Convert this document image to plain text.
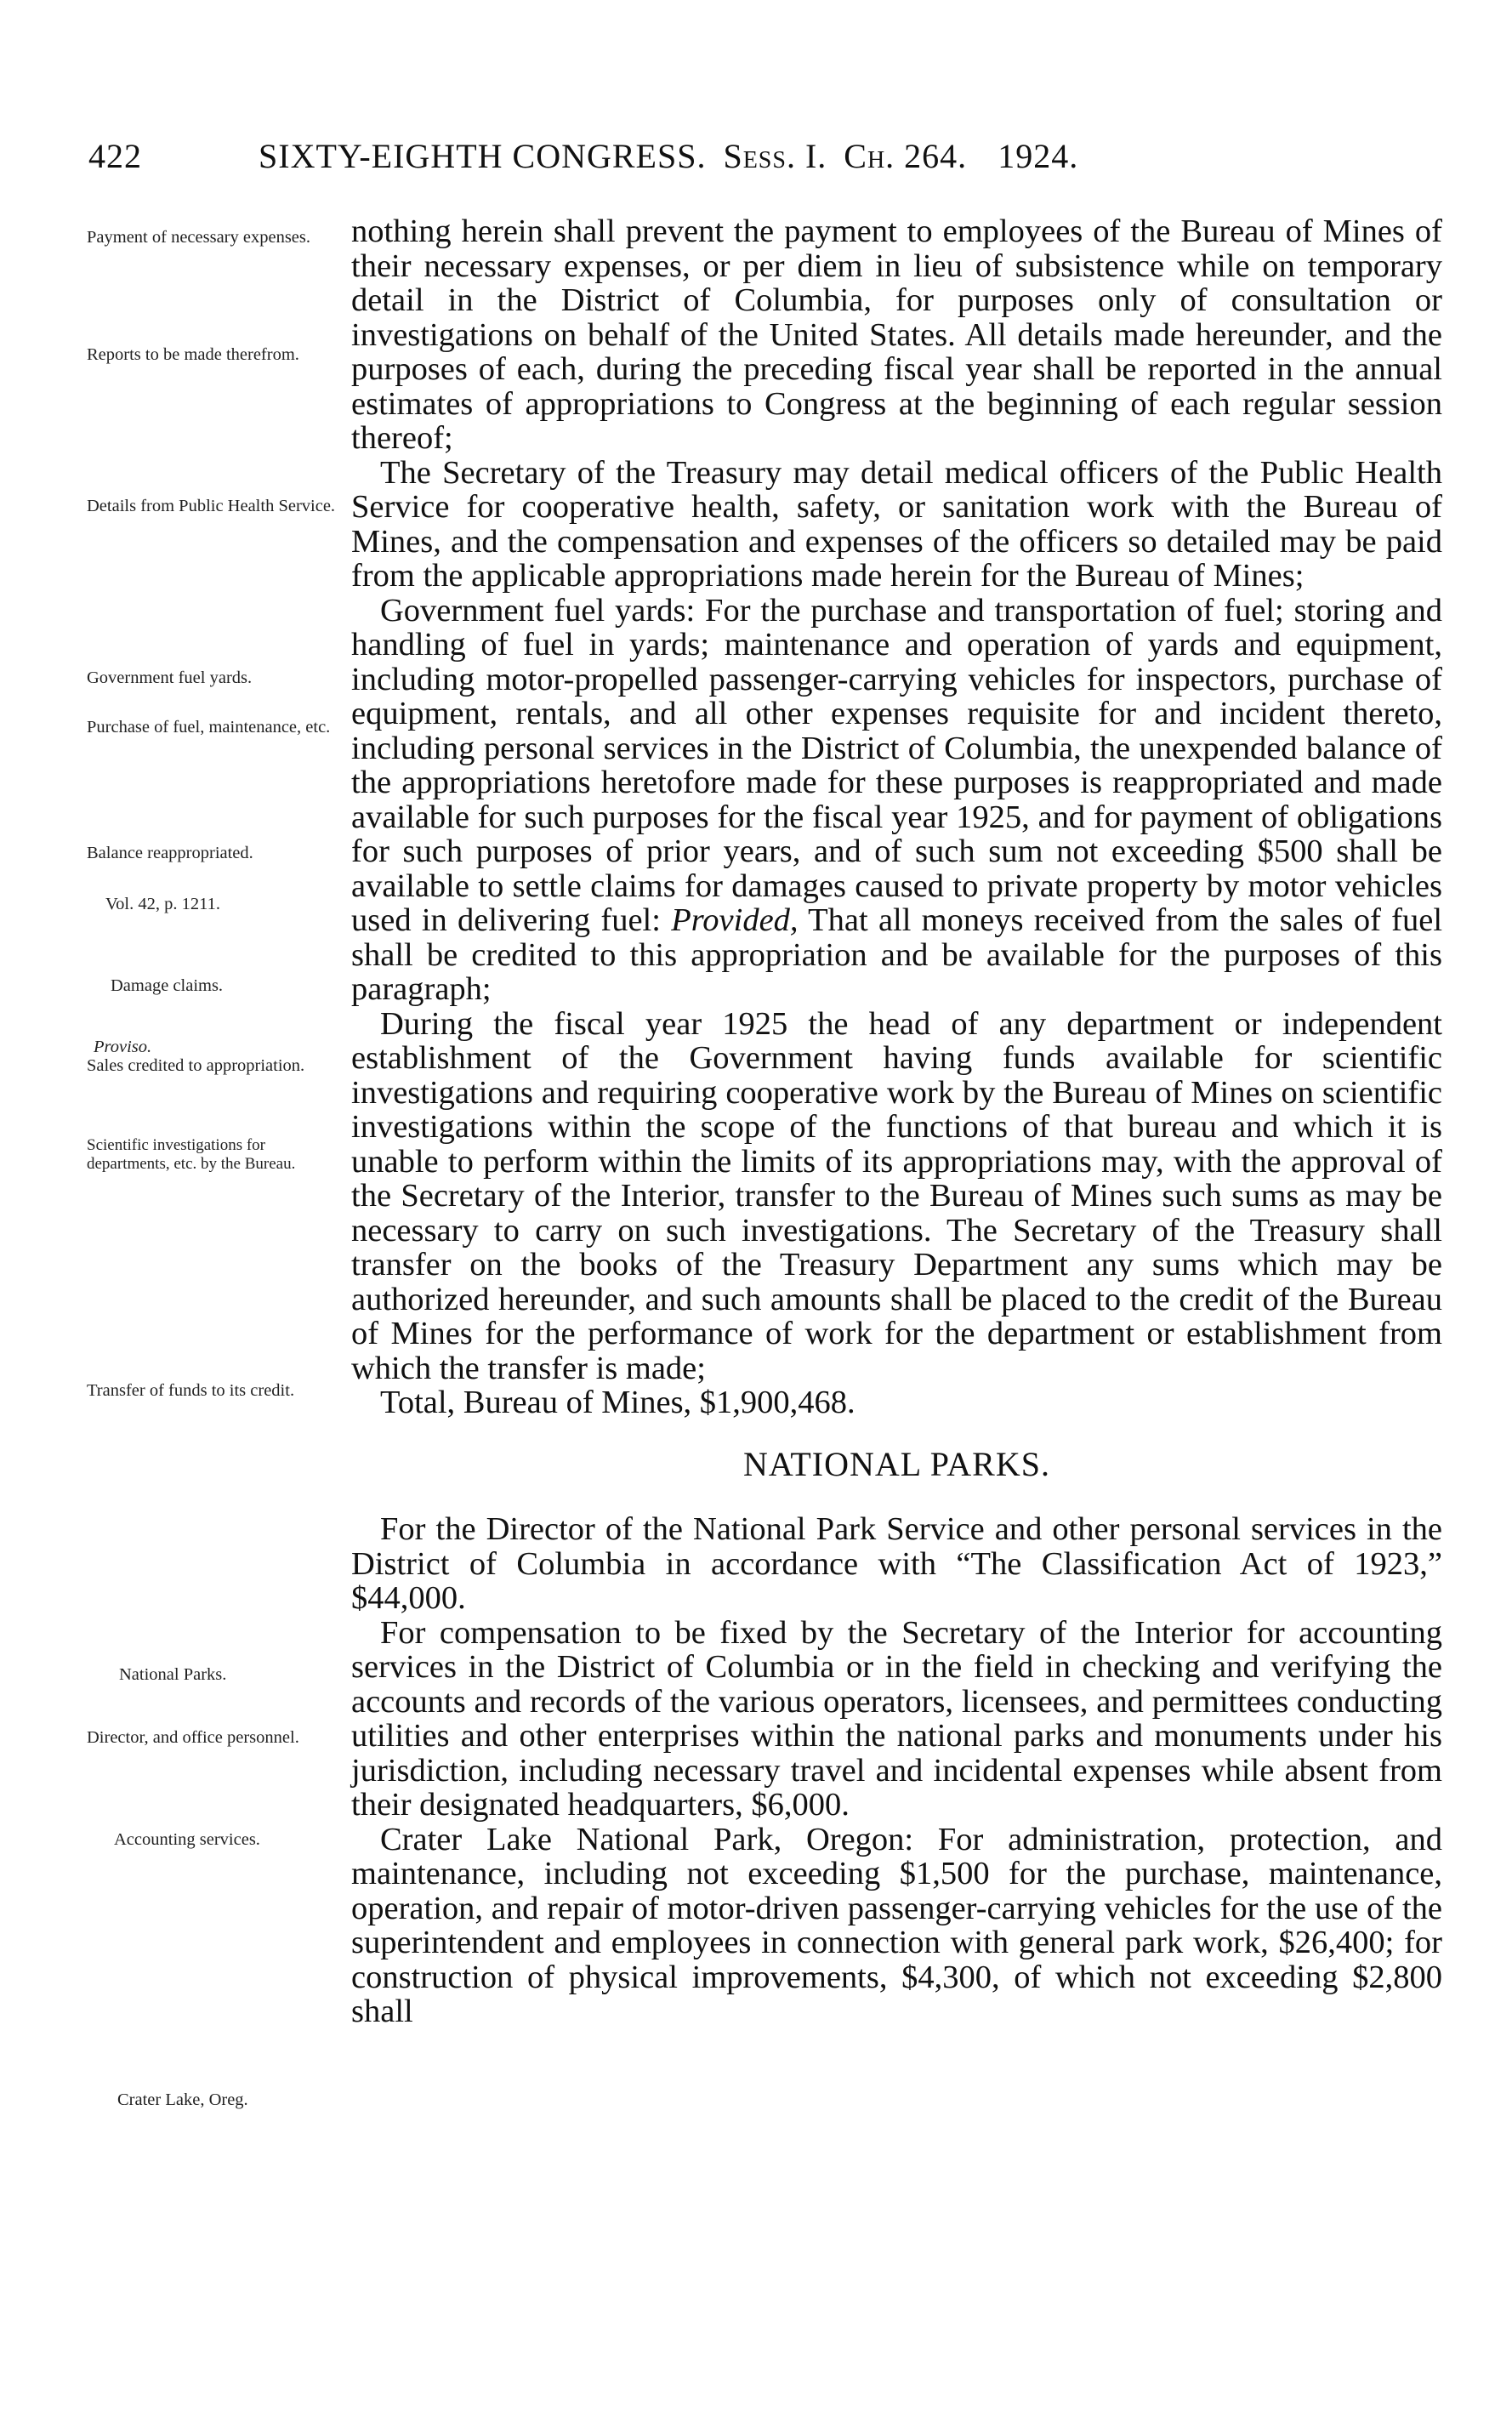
422	SIXTY-EIGHTH CONGRESS. Sess. I. Ch. 264. 1924.
Payment of necessary expenses.
Reports to be made therefrom.
Details from Public Health Service.
Government fuel yards.
Purchase of fuel, maintenance, etc.
Balance reappropriated.
Vol. 42, p. 1211.
Damage claims.
Proviso.
Sales credited to appropriation.
Scientific investigations for departments, etc. by the Bureau.
Transfer of funds to its credit.
National Parks.
Director, and office personnel.
Accounting services.
Crater Lake, Oreg.

nothing herein shall prevent the payment to employees of the Bureau of Mines of their necessary expenses, or per diem in lieu of subsistence while on temporary detail in the District of Columbia, for purposes only of consultation or investigations on behalf of the United States. All details made hereunder, and the purposes of each, during the preceding fiscal year shall be reported in the annual estimates of appropriations to Congress at the beginning of each regular session thereof;

The Secretary of the Treasury may detail medical officers of the Public Health Service for cooperative health, safety, or sanitation work with the Bureau of Mines, and the compensation and expenses of the officers so detailed may be paid from the applicable appropriations made herein for the Bureau of Mines;

Government fuel yards: For the purchase and transportation of fuel; storing and handling of fuel in yards; maintenance and operation of yards and equipment, including motor-propelled passenger-carrying vehicles for inspectors, purchase of equipment, rentals, and all other expenses requisite for and incident thereto, including personal services in the District of Columbia, the unexpended balance of the appropriations heretofore made for these purposes is reappropriated and made available for such purposes for the fiscal year 1925, and for payment of obligations for such purposes of prior years, and of such sum not exceeding $500 shall be available to settle claims for damages caused to private property by motor vehicles used in delivering fuel: Provided, That all moneys received from the sales of fuel shall be credited to this appropriation and be available for the purposes of this paragraph;

During the fiscal year 1925 the head of any department or independent establishment of the Government having funds available for scientific investigations and requiring cooperative work by the Bureau of Mines on scientific investigations within the scope of the functions of that bureau and which it is unable to perform within the limits of its appropriations may, with the approval of the Secretary of the Interior, transfer to the Bureau of Mines such sums as may be necessary to carry on such investigations. The Secretary of the Treasury shall transfer on the books of the Treasury Department any sums which may be authorized hereunder, and such amounts shall be placed to the credit of the Bureau of Mines for the performance of work for the department or establishment from which the transfer is made;

Total, Bureau of Mines, $1,900,468.

NATIONAL PARKS.

For the Director of the National Park Service and other personal services in the District of Columbia in accordance with “The Classification Act of 1923,” $44,000.

For compensation to be fixed by the Secretary of the Interior for accounting services in the District of Columbia or in the field in checking and verifying the accounts and records of the various operators, licensees, and permittees conducting utilities and other enterprises within the national parks and monuments under his jurisdiction, including necessary travel and incidental expenses while absent from their designated headquarters, $6,000.

Crater Lake National Park, Oregon: For administration, protection, and maintenance, including not exceeding $1,500 for the purchase, maintenance, operation, and repair of motor-driven passenger-carrying vehicles for the use of the superintendent and employees in connection with general park work, $26,400; for construction of physical improvements, $4,300, of which not exceeding $2,800 shall
